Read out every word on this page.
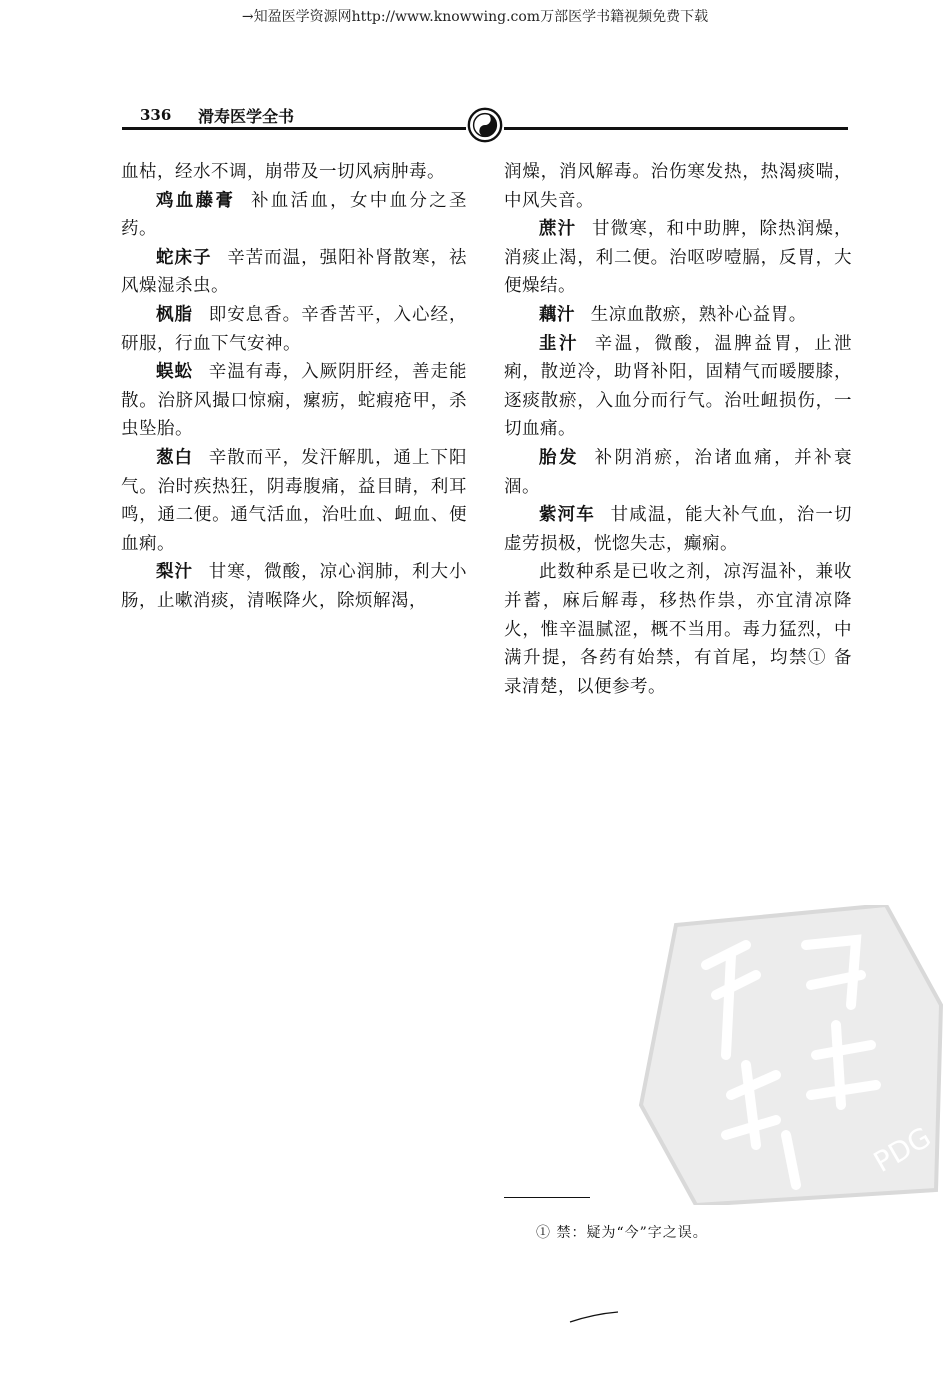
→知盈医学资源网http://www.knowwing.com万部医学书籍视频免费下载
336 滑寿医学全书

血枯，经水不调，崩带及一切风病肿毒。

鸡血藤膏 补血活血，女中血分之圣药。

蛇床子 辛苦而温，强阳补肾散寒，祛风燥湿杀虫。

枫脂 即安息香。辛香苦平，入心经，研服，行血下气安神。

蜈蚣 辛温有毒，入厥阴肝经，善走能散。治脐风撮口惊痫，瘰疬，蛇瘕疮甲，杀虫坠胎。

葱白 辛散而平，发汗解肌，通上下阳气。治时疾热狂，阴毒腹痛，益目睛，利耳鸣，通二便。通气活血，治吐血、衄血、便血痢。

梨汁 甘寒，微酸，凉心润肺，利大小肠，止嗽消痰，清喉降火，除烦解渴，

润燥，消风解毒。治伤寒发热，热渴痰喘，中风失音。

蔗汁 甘微寒，和中助脾，除热润燥，消痰止渴，利二便。治呕哕噎膈，反胃，大便燥结。

藕汁 生凉血散瘀，熟补心益胃。

韭汁 辛温，微酸，温脾益胃，止泄痢，散逆冷，助肾补阳，固精气而暖腰膝，逐痰散瘀，入血分而行气。治吐衄损伤，一切血痛。

胎发 补阴消瘀，治诸血痛，并补衰涸。

紫河车 甘咸温，能大补气血，治一切虚劳损极，恍惚失志，癫痫。

此数种系是已收之剂，凉泻温补，兼收并蓄，麻后解毒，移热作祟，亦宜清凉降火，惟辛温腻涩，概不当用。毒力猛烈，中满升提，各药有始禁，有首尾，均禁① 备录清楚，以便参考。

PDG
① 禁：疑为“今”字之误。
